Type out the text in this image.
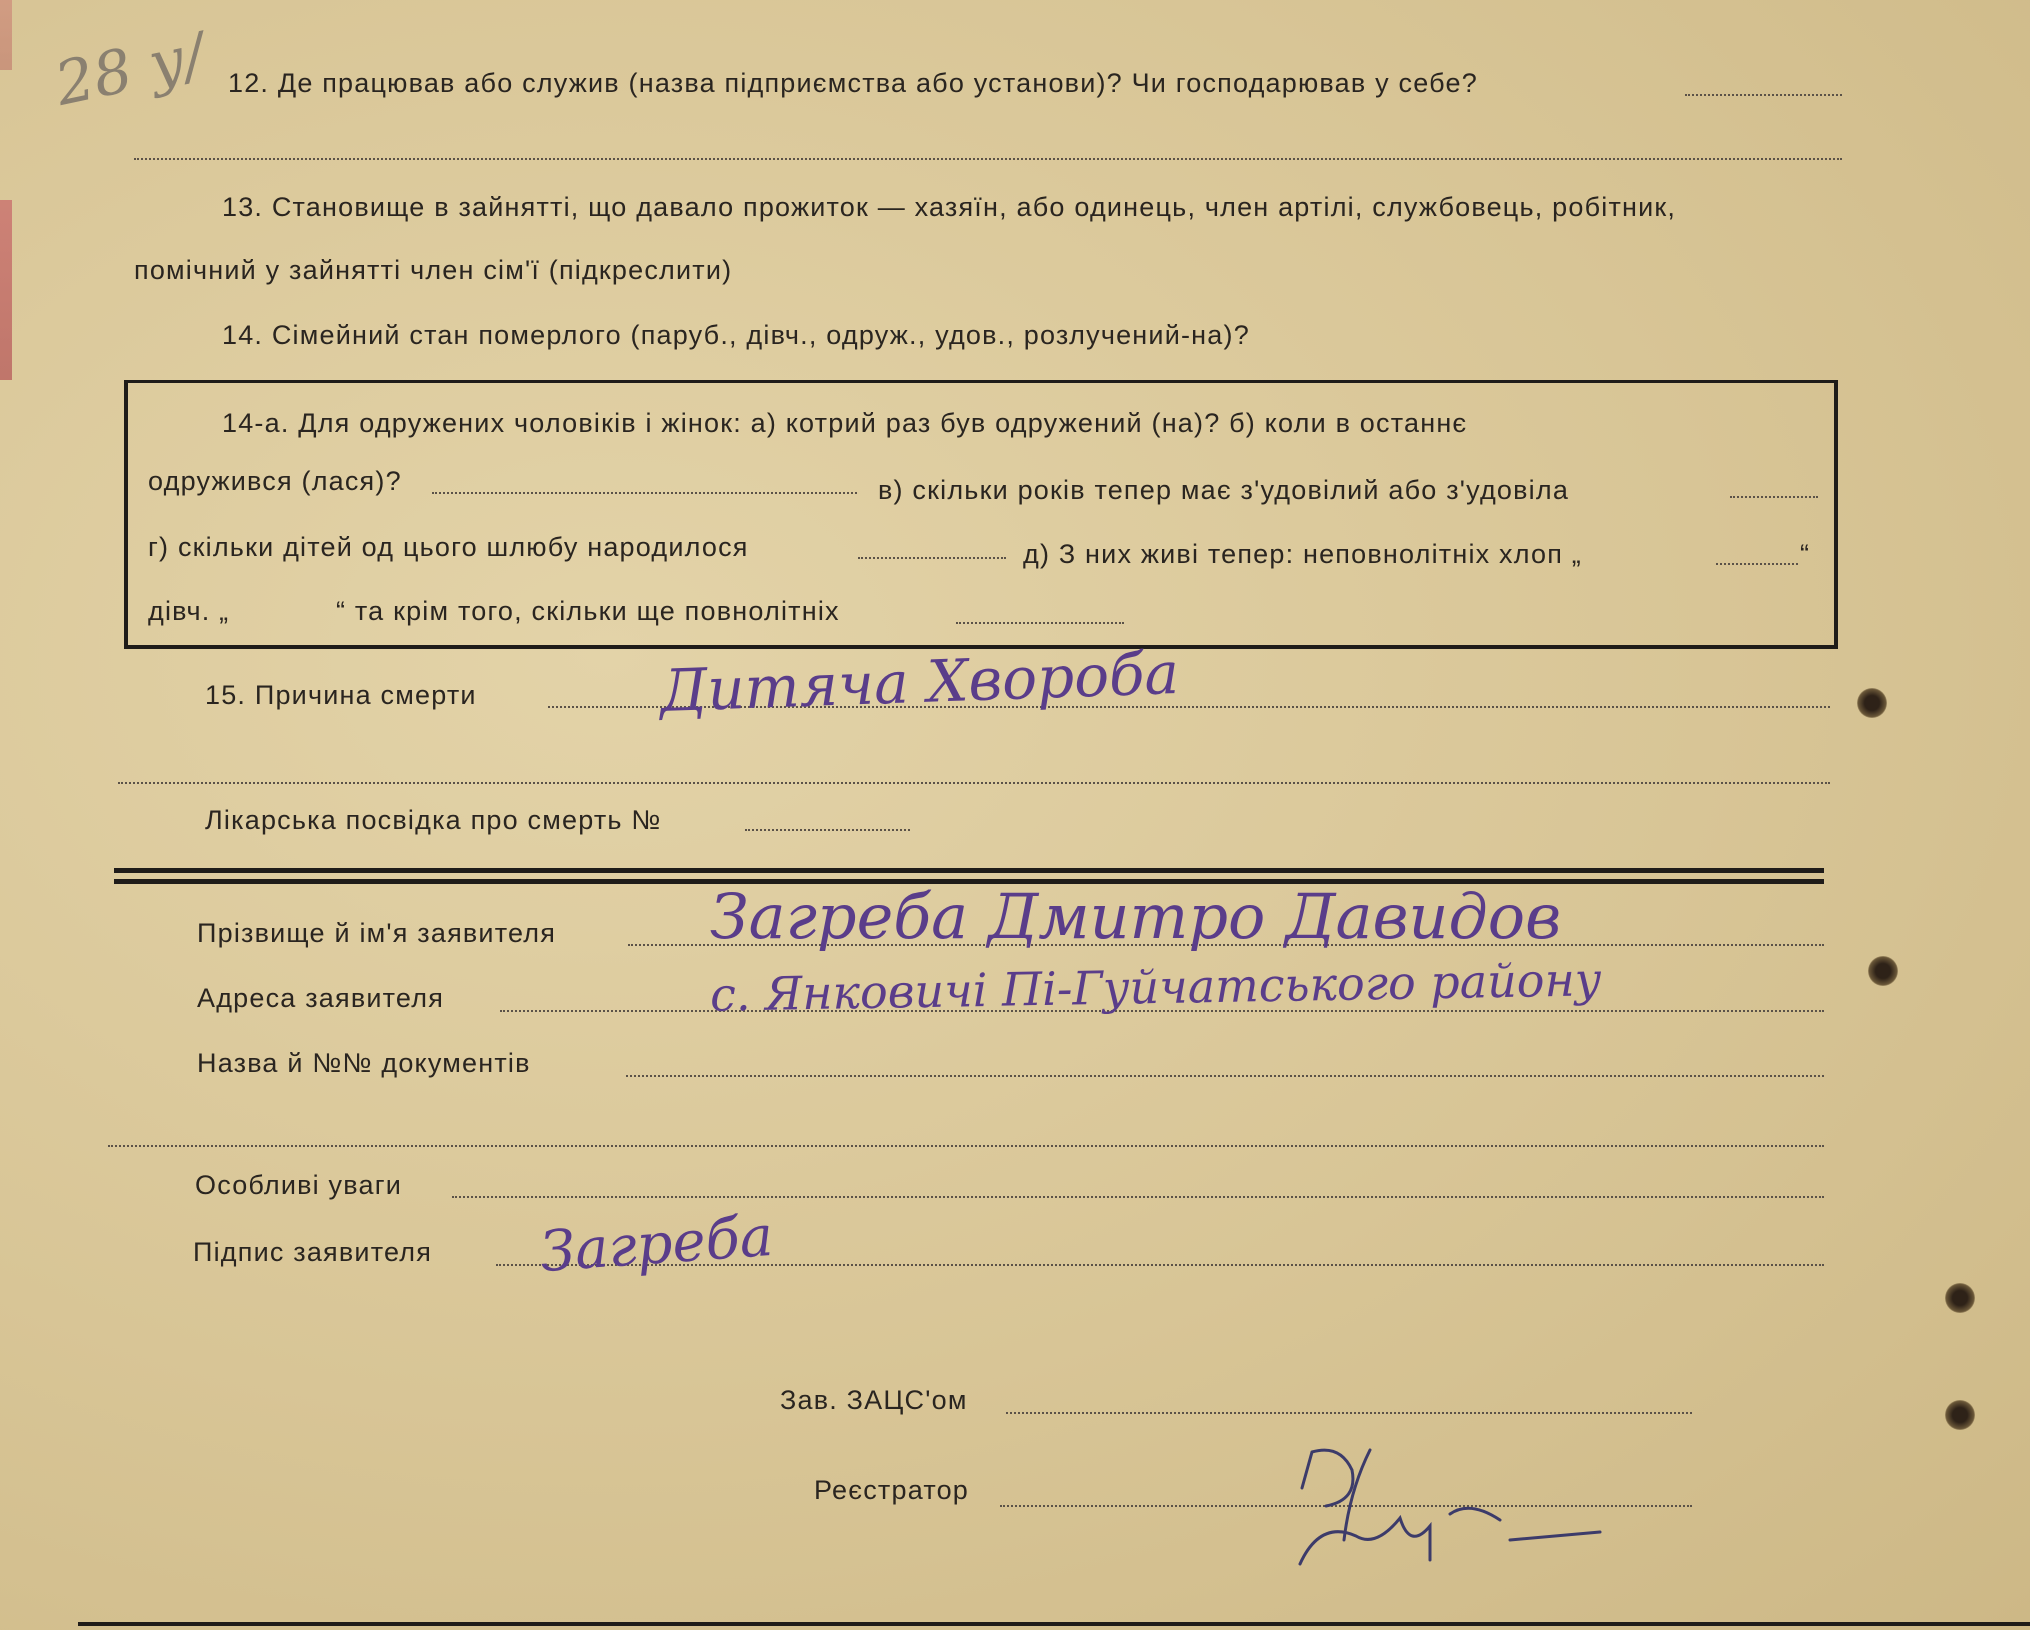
28 у/ 12. Де працював або служив (назва підприємства або установи)? Чи господарював у себе?
13. Становище в зайнятті, що давало прожиток — хазяїн, або одинець, член артілі, службовець, робітник,
помічний у зайнятті член сім'ї (підкреслити)
14. Сімейний стан померлого (паруб., дівч., одруж., удов., розлучений-на)?
14-а. Для одружених чоловіків і жінок: а) котрий раз був одружений (на)? б) коли в останнє
одружився (лася)?	в) скільки років тепер має з'удовілий або з'удовіла
г) скільки дітей од цього шлюбу народилося	д) З них живі тепер: неповнолітніх хлоп „	“
дівч. „	“ та крім того, скільки ще повнолітніх
15. Причина смерти	Дитяча Хвороба
Лікарська посвідка про смерть №
Прізвище й ім'я заявителя Загреба Дмитро Давидов
Адреса заявителя	с. Янковичі Пі-Гуйчатського району
Назва й №№ документів
Особливі уваги
Підпис заявителя Загреба
Зав. ЗАЦС'ом
Реєстратор
